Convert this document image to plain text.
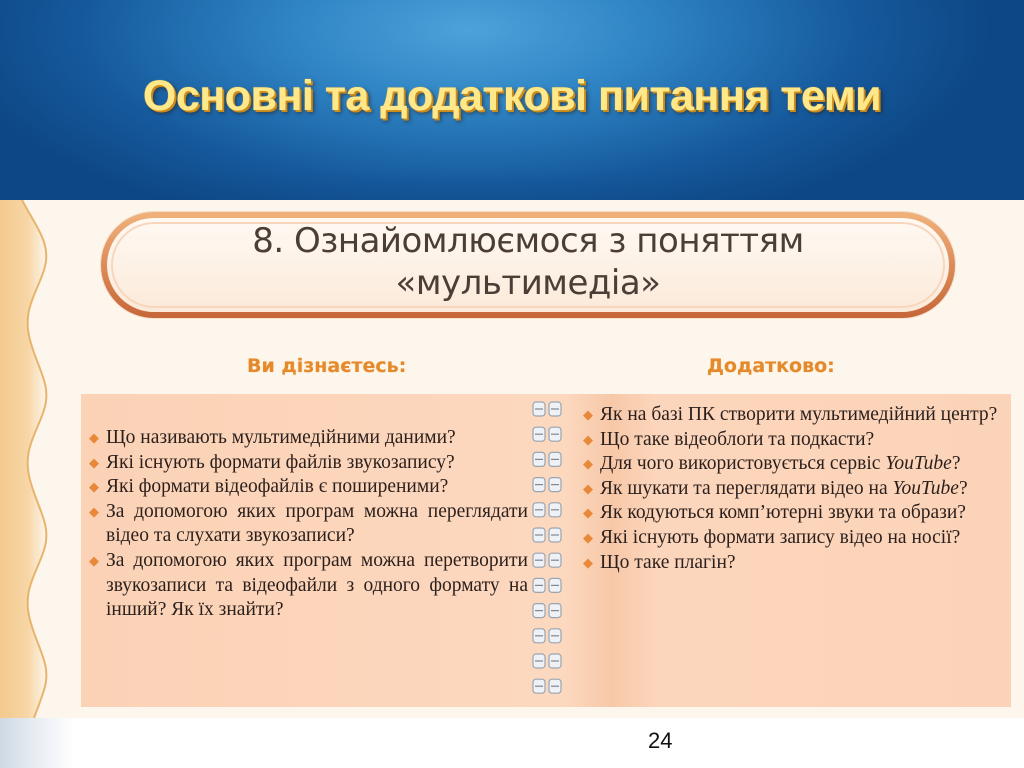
Основні та додаткові питання теми
8. Ознайомлюємося з поняттям
«мультимедіа»
Ви дізнаєтесь:	Додатково:
◆ Що називають мультимедійними даними?
◆ Які існують формати файлів звукозапису?
◆ Які формати відеофайлів є поширеними?
◆ За допомогою яких програм можна переглядати відео та слухати звукозаписи?
◆ За допомогою яких програм можна перетворити звукозаписи та відеофайли з одного формату на інший? Як їх знайти?
◆ Як на базі ПК створити мультимедійний центр?
◆ Що таке відеоблоґи та подкасти?
◆ Для чого використовується сервіс YouTube?
◆ Як шукати та переглядати відео на YouTube?
◆ Як кодуються комп’ютерні звуки та образи?
◆ Які існують формати запису відео на носії?
◆ Що таке плагін?
24
